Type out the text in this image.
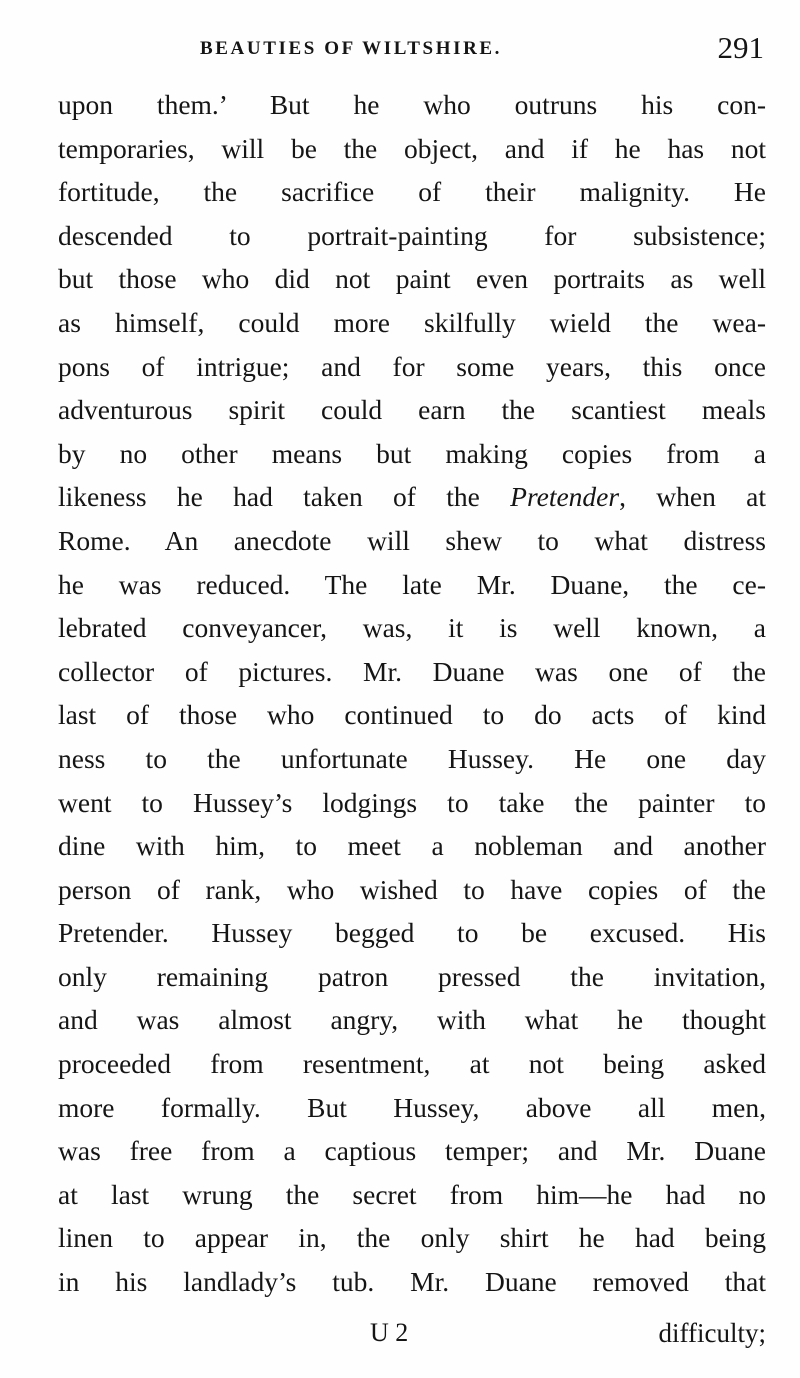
BEAUTIES OF WILTSHIRE.	291
upon them.’ But he who outruns his con-
temporaries, will be the object, and if he has not
fortitude, the sacrifice of their malignity. He
descended to portrait-painting for subsistence;
but those who did not paint even portraits as well
as himself, could more skilfully wield the wea-
pons of intrigue; and for some years, this once
adventurous spirit could earn the scantiest meals
by no other means but making copies from a
likeness he had taken of the Pretender, when at
Rome. An anecdote will shew to what distress
he was reduced. The late Mr. Duane, the ce-
lebrated conveyancer, was, it is well known, a
collector of pictures. Mr. Duane was one of the
last of those who continued to do acts of kind
ness to the unfortunate Hussey. He one day
went to Hussey’s lodgings to take the painter to
dine with him, to meet a nobleman and another
person of rank, who wished to have copies of the
Pretender. Hussey begged to be excused. His
only remaining patron pressed the invitation,
and was almost angry, with what he thought
proceeded from resentment, at not being asked
more formally. But Hussey, above all men,
was free from a captious temper; and Mr. Duane
at last wrung the secret from him—he had no
linen to appear in, the only shirt he had being
in his landlady’s tub. Mr. Duane removed that
U 2	difficulty;
